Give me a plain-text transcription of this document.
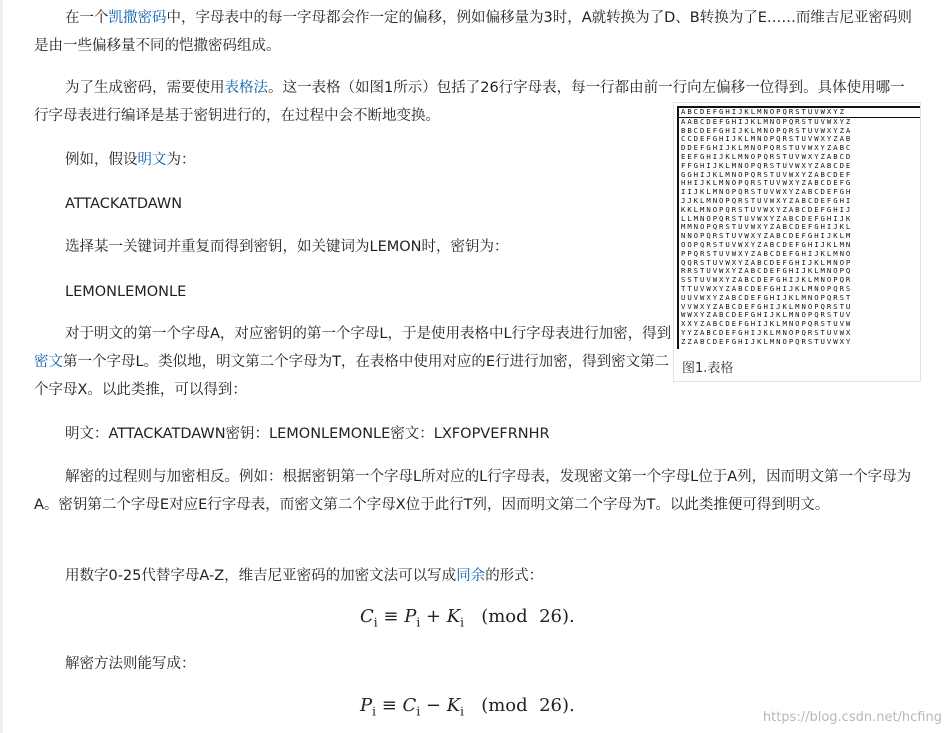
在一个凯撒密码中，字母表中的每一字母都会作一定的偏移，例如偏移量为3时，A就转换为了D、B转换为了E……而维吉尼亚密码则是由一些偏移量不同的恺撒密码组成。

为了生成密码，需要使用表格法。这一表格（如图1所示）包括了26行字母表，每一行都由前一行向左偏移一位得到。具体使用哪一行字母表进行编译是基于密钥进行的，在过程中会不断地变换。

例如，假设明文为：

ATTACKATDAWN

选择某一关键词并重复而得到密钥，如关键词为LEMON时，密钥为：

LEMONLEMONLE

对于明文的第一个字母A，对应密钥的第一个字母L，于是使用表格中L行字母表进行加密，得到密文第一个字母L。类似地，明文第二个字母为T，在表格中使用对应的E行进行加密，得到密文第二个字母X。以此类推，可以得到：

明文：ATTACKATDAWN密钥：LEMONLEMONLE密文：LXFOPVEFRNHR

解密的过程则与加密相反。例如：根据密钥第一个字母L所对应的L行字母表，发现密文第一个字母L位于A列，因而明文第一个字母为A。密钥第二个字母E对应E行字母表，而密文第二个字母X位于此行T列，因而明文第二个字母为T。以此类推便可得到明文。

用数字0-25代替字母A-Z，维吉尼亚密码的加密文法可以写成同余的形式：

$C_i \equiv P_i + K_i$ (mod  26).

解密方法则能写成：

$P_i \equiv C_i - K_i$ (mod  26).

ABCDEFGHIJKLMNOPQRSTUVWXYZ
AABCDEFGHIJKLMNOPQRSTUVWXYZ
BBCDEFGHIJKLMNOPQRSTUVWXYZA
CCDEFGHIJKLMNOPQRSTUVWXYZAB
DDEFGHIJKLMNOPQRSTUVWXYZABC
EEFGHIJKLMNOPQRSTUVWXYZABCD
FFGHIJKLMNOPQRSTUVWXYZABCDE
GGHIJKLMNOPQRSTUVWXYZABCDEF
HHIJKLMNOPQRSTUVWXYZABCDEFG
IIJKLMNOPQRSTUVWXYZABCDEFGH
JJKLMNOPQRSTUVWXYZABCDEFGHI
KKLMNOPQRSTUVWXYZABCDEFGHIJ
LLMNOPQRSTUVWXYZABCDEFGHIJK
MMNOPQRSTUVWXYZABCDEFGHIJKL
NNOPQRSTUVWXYZABCDEFGHIJKLM
OOPQRSTUVWXYZABCDEFGHIJKLMN
PPQRSTUVWXYZABCDEFGHIJKLMNO
QQRSTUVWXYZABCDEFGHIJKLMNOP
RRSTUVWXYZABCDEFGHIJKLMNOPQ
SSTUVWXYZABCDEFGHIJKLMNOPQR
TTUVWXYZABCDEFGHIJKLMNOPQRS
UUVWXYZABCDEFGHIJKLMNOPQRST
VVWXYZABCDEFGHIJKLMNOPQRSTU
WWXYZABCDEFGHIJKLMNOPQRSTUV
XXYZABCDEFGHIJKLMNOPQRSTUVW
YYZABCDEFGHIJKLMNOPQRSTUVWX
ZZABCDEFGHIJKLMNOPQRSTUVWXY
图1.表格
https://blog.csdn.net/hcfing
